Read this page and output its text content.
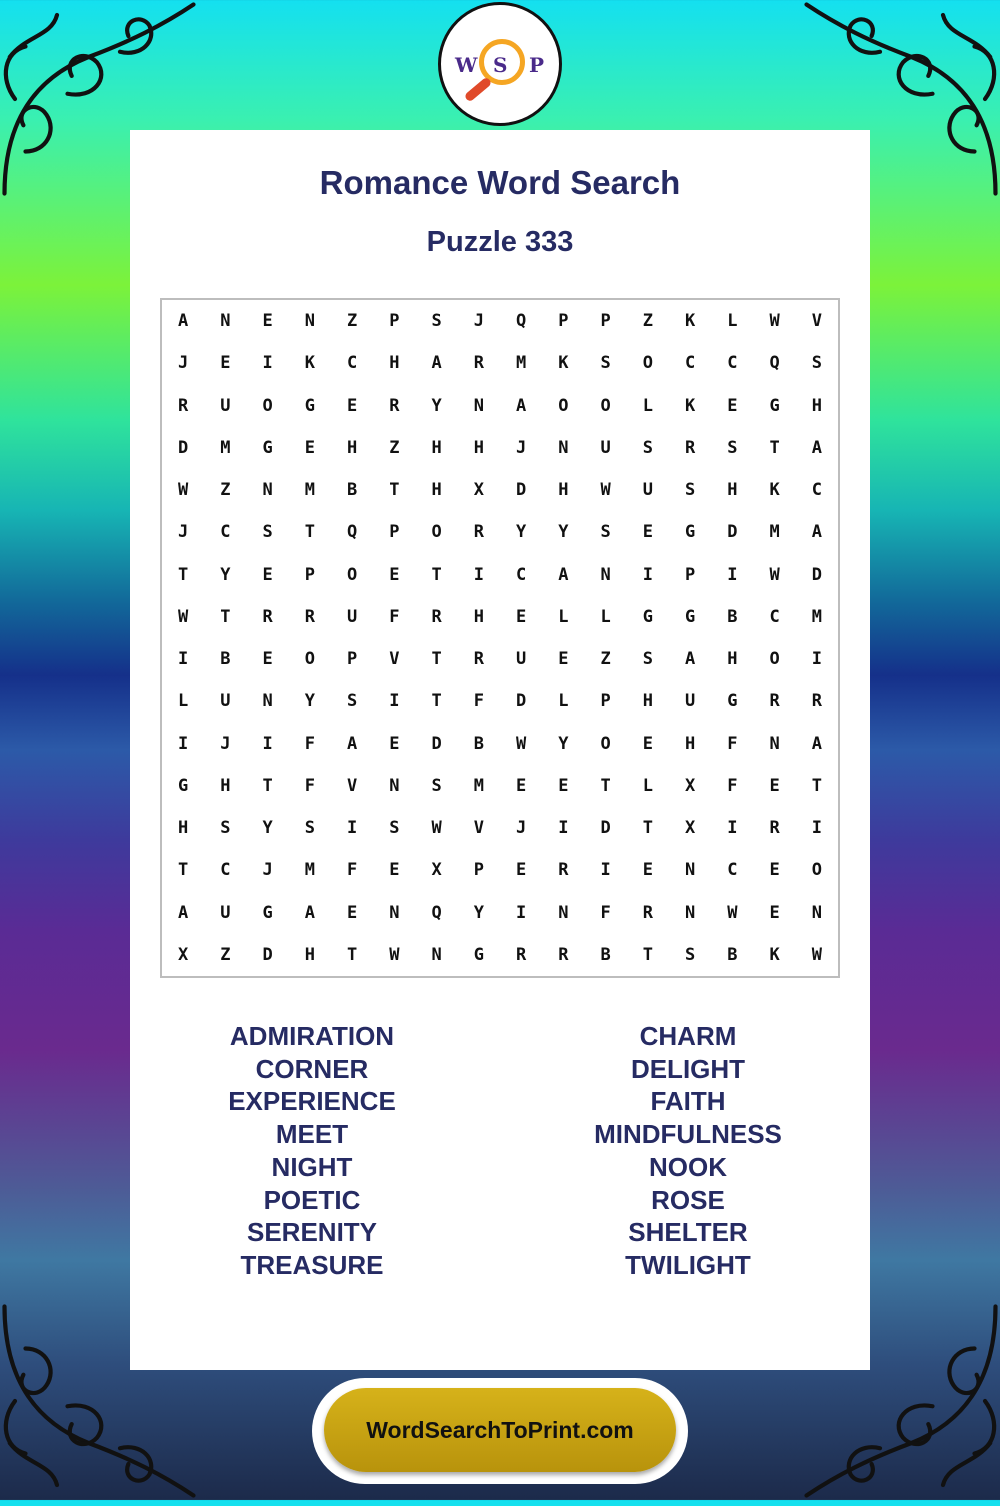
W S P
Romance Word Search
Puzzle 333
A	N	E	N	Z	P	S	J	Q	P	P	Z	K	L	W	V
J	E	I	K	C	H	A	R	M	K	S	O	C	C	Q	S
R	U	O	G	E	R	Y	N	A	O	O	L	K	E	G	H
D	M	G	E	H	Z	H	H	J	N	U	S	R	S	T	A
W	Z	N	M	B	T	H	X	D	H	W	U	S	H	K	C
J	C	S	T	Q	P	O	R	Y	Y	S	E	G	D	M	A
T	Y	E	P	O	E	T	I	C	A	N	I	P	I	W	D
W	T	R	R	U	F	R	H	E	L	L	G	G	B	C	M
I	B	E	O	P	V	T	R	U	E	Z	S	A	H	O	I
L	U	N	Y	S	I	T	F	D	L	P	H	U	G	R	R
I	J	I	F	A	E	D	B	W	Y	O	E	H	F	N	A
G	H	T	F	V	N	S	M	E	E	T	L	X	F	E	T
H	S	Y	S	I	S	W	V	J	I	D	T	X	I	R	I
T	C	J	M	F	E	X	P	E	R	I	E	N	C	E	O
A	U	G	A	E	N	Q	Y	I	N	F	R	N	W	E	N
X	Z	D	H	T	W	N	G	R	R	B	T	S	B	K	W
ADMIRATION
CORNER
EXPERIENCE
MEET
NIGHT
POETIC
SERENITY
TREASURE
CHARM
DELIGHT
FAITH
MINDFULNESS
NOOK
ROSE
SHELTER
TWILIGHT
WordSearchToPrint.com
